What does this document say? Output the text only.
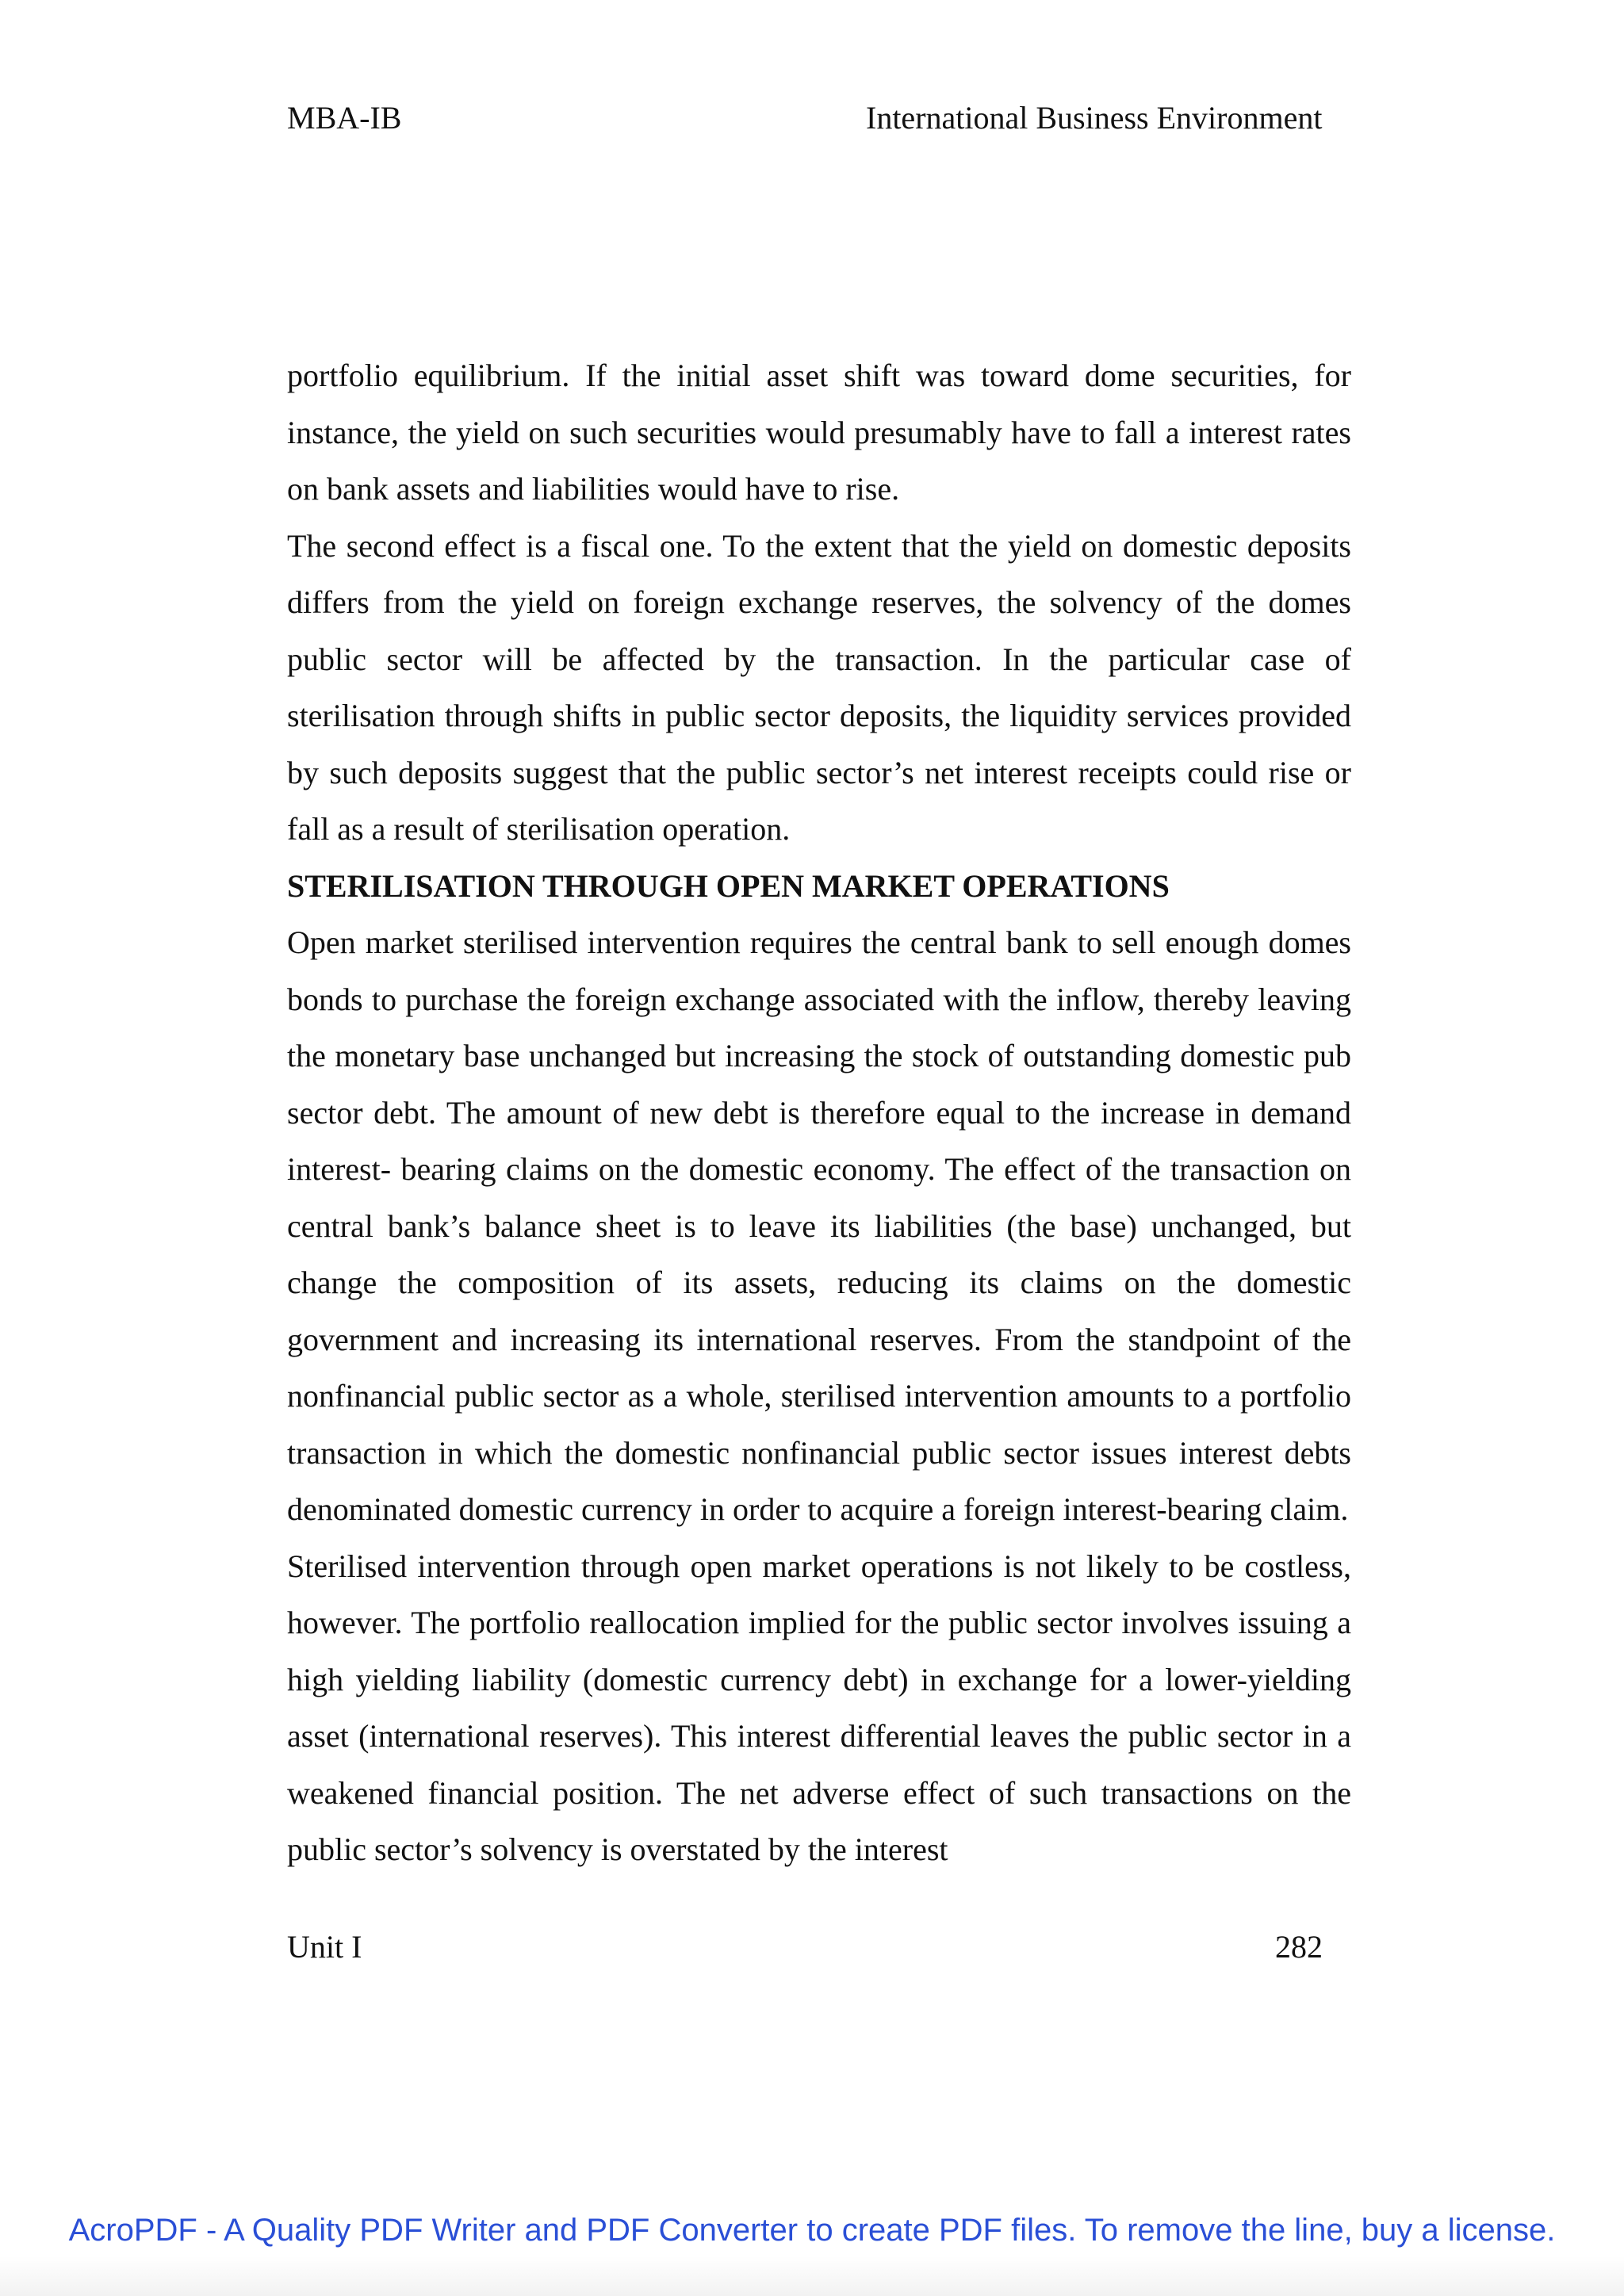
MBA-IB	International Business Environment

portfolio equilibrium. If the initial asset shift was toward dome securities, for instance, the yield on such securities would presumably have to fall a interest rates on bank assets and liabilities would have to rise.

The second effect is a fiscal one. To the extent that the yield on domestic deposits differs from the yield on foreign exchange reserves, the solvency of the domes public sector will be affected by the transaction. In the particular case of sterilisation through shifts in public sector deposits, the liquidity services provided by such deposits suggest that the public sector’s net interest receipts could rise or fall as a result of sterilisation operation.

STERILISATION THROUGH OPEN MARKET OPERATIONS

Open market sterilised intervention requires the central bank to sell enough domes bonds to purchase the foreign exchange associated with the inflow, thereby leaving the monetary base unchanged but increasing the stock of outstanding domestic pub sector debt. The amount of new debt is therefore equal to the increase in demand interest- bearing claims on the domestic economy. The effect of the transaction on central bank’s balance sheet is to leave its liabilities (the base) unchanged, but change the composition of its assets, reducing its claims on the domestic government and increasing its international reserves. From the standpoint of the nonfinancial public sector as a whole, sterilised intervention amounts to a portfolio transaction in which the domestic nonfinancial public sector issues interest debts denominated domestic currency in order to acquire a foreign interest-bearing claim.

Sterilised intervention through open market operations is not likely to be costless, however. The portfolio reallocation implied for the public sector involves issuing a high yielding liability (domestic currency debt) in exchange for a lower-yielding asset (international reserves). This interest differential leaves the public sector in a weakened financial position. The net adverse effect of such transactions on the public sector’s solvency is overstated by the interest

Unit I	282
AcroPDF - A Quality PDF Writer and PDF Converter to create PDF files. To remove the line, buy a license.
